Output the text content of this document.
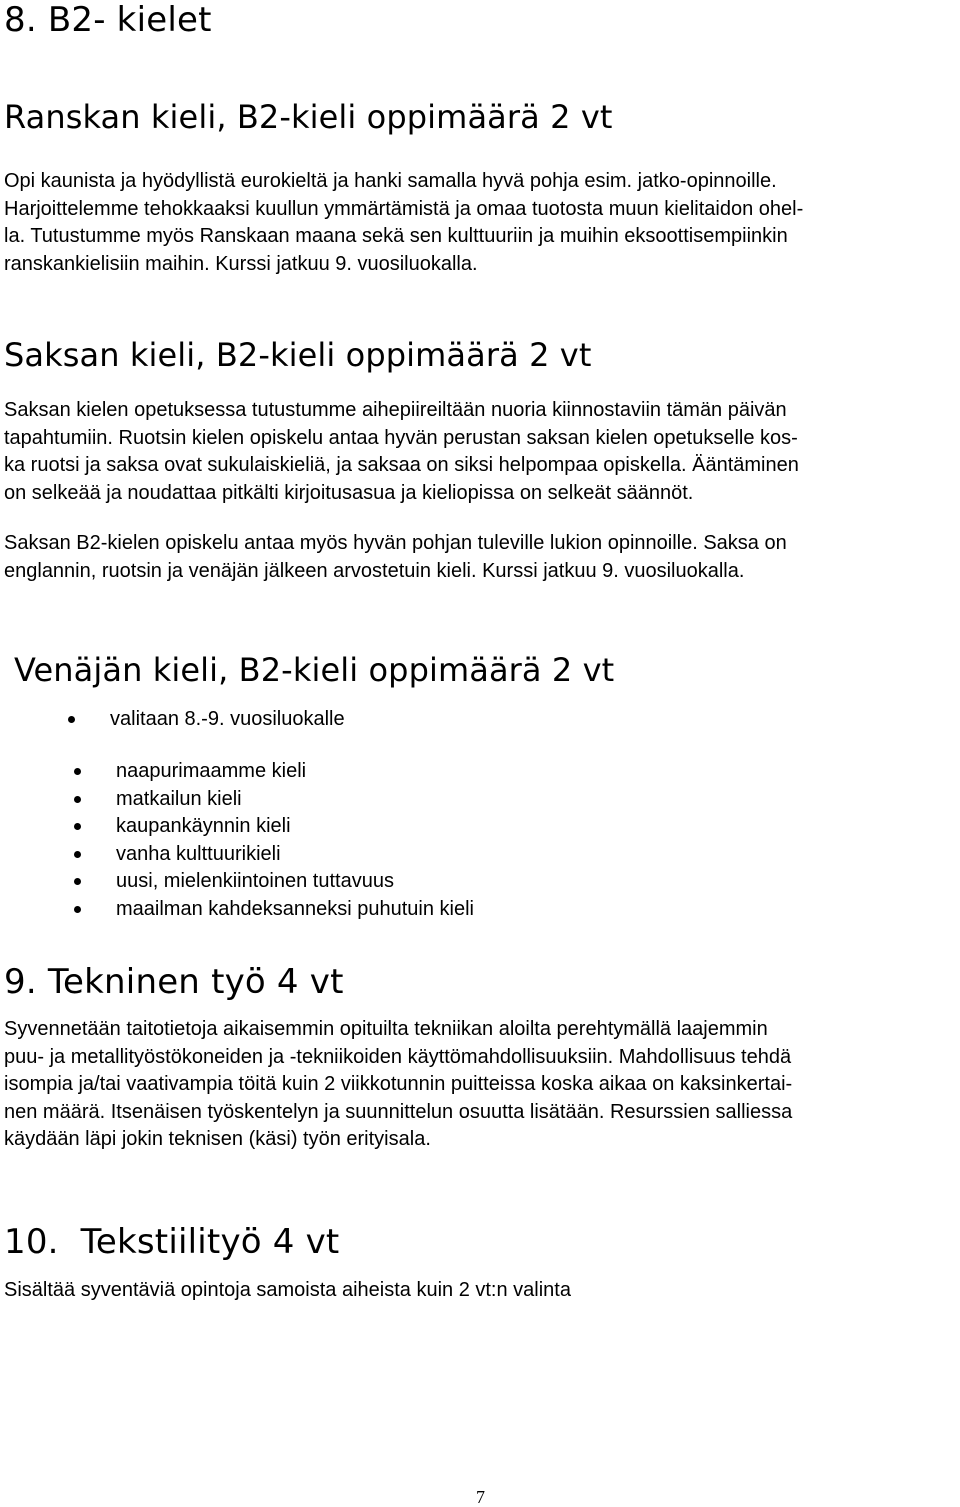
8. B2- kielet
Ranskan kieli, B2-kieli oppimäärä 2 vt

Opi kaunista ja hyödyllistä eurokieltä ja hanki samalla hyvä pohja esim. jatko-opinnoille.
Harjoittelemme tehokkaaksi kuullun ymmärtämistä ja omaa tuotosta muun kielitaidon ohel-
la. Tutustumme myös Ranskaan maana sekä sen kulttuuriin ja muihin eksoottisempiinkin
ranskankielisiin maihin. Kurssi jatkuu 9. vuosiluokalla.

Saksan kieli, B2-kieli oppimäärä 2 vt

Saksan kielen opetuksessa tutustumme aihepiireiltään nuoria kiinnostaviin tämän päivän
tapahtumiin. Ruotsin kielen opiskelu antaa hyvän perustan saksan kielen opetukselle kos-
ka ruotsi ja saksa ovat sukulaiskieliä, ja saksaa on siksi helpompaa opiskella. Ääntäminen
on selkeää ja noudattaa pitkälti kirjoitusasua ja kieliopissa on selkeät säännöt.

Saksan B2-kielen opiskelu antaa myös hyvän pohjan tuleville lukion opinnoille. Saksa on
englannin, ruotsin ja venäjän jälkeen arvostetuin kieli. Kurssi jatkuu 9. vuosiluokalla.

Venäjän kieli, B2-kieli oppimäärä 2 vt
valitaan 8.-9. vuosiluokalle
naapurimaamme kieli
matkailun kieli
kaupankäynnin kieli
vanha kulttuurikieli
uusi, mielenkiintoinen tuttavuus
maailman kahdeksanneksi puhutuin kieli
9. Tekninen työ 4 vt

Syvennetään taitotietoja aikaisemmin opituilta tekniikan aloilta perehtymällä laajemmin
puu- ja metallityöstökoneiden ja -tekniikoiden käyttömahdollisuuksiin. Mahdollisuus tehdä
isompia ja/tai vaativampia töitä kuin 2 viikkotunnin puitteissa koska aikaa on kaksinkertai-
nen määrä. Itsenäisen työskentelyn ja suunnittelun osuutta lisätään. Resurssien salliessa
käydään läpi jokin teknisen (käsi) työn erityisala.

10.  Tekstiilityö 4 vt

Sisältää syventäviä opintoja samoista aiheista kuin 2 vt:n valinta

7
